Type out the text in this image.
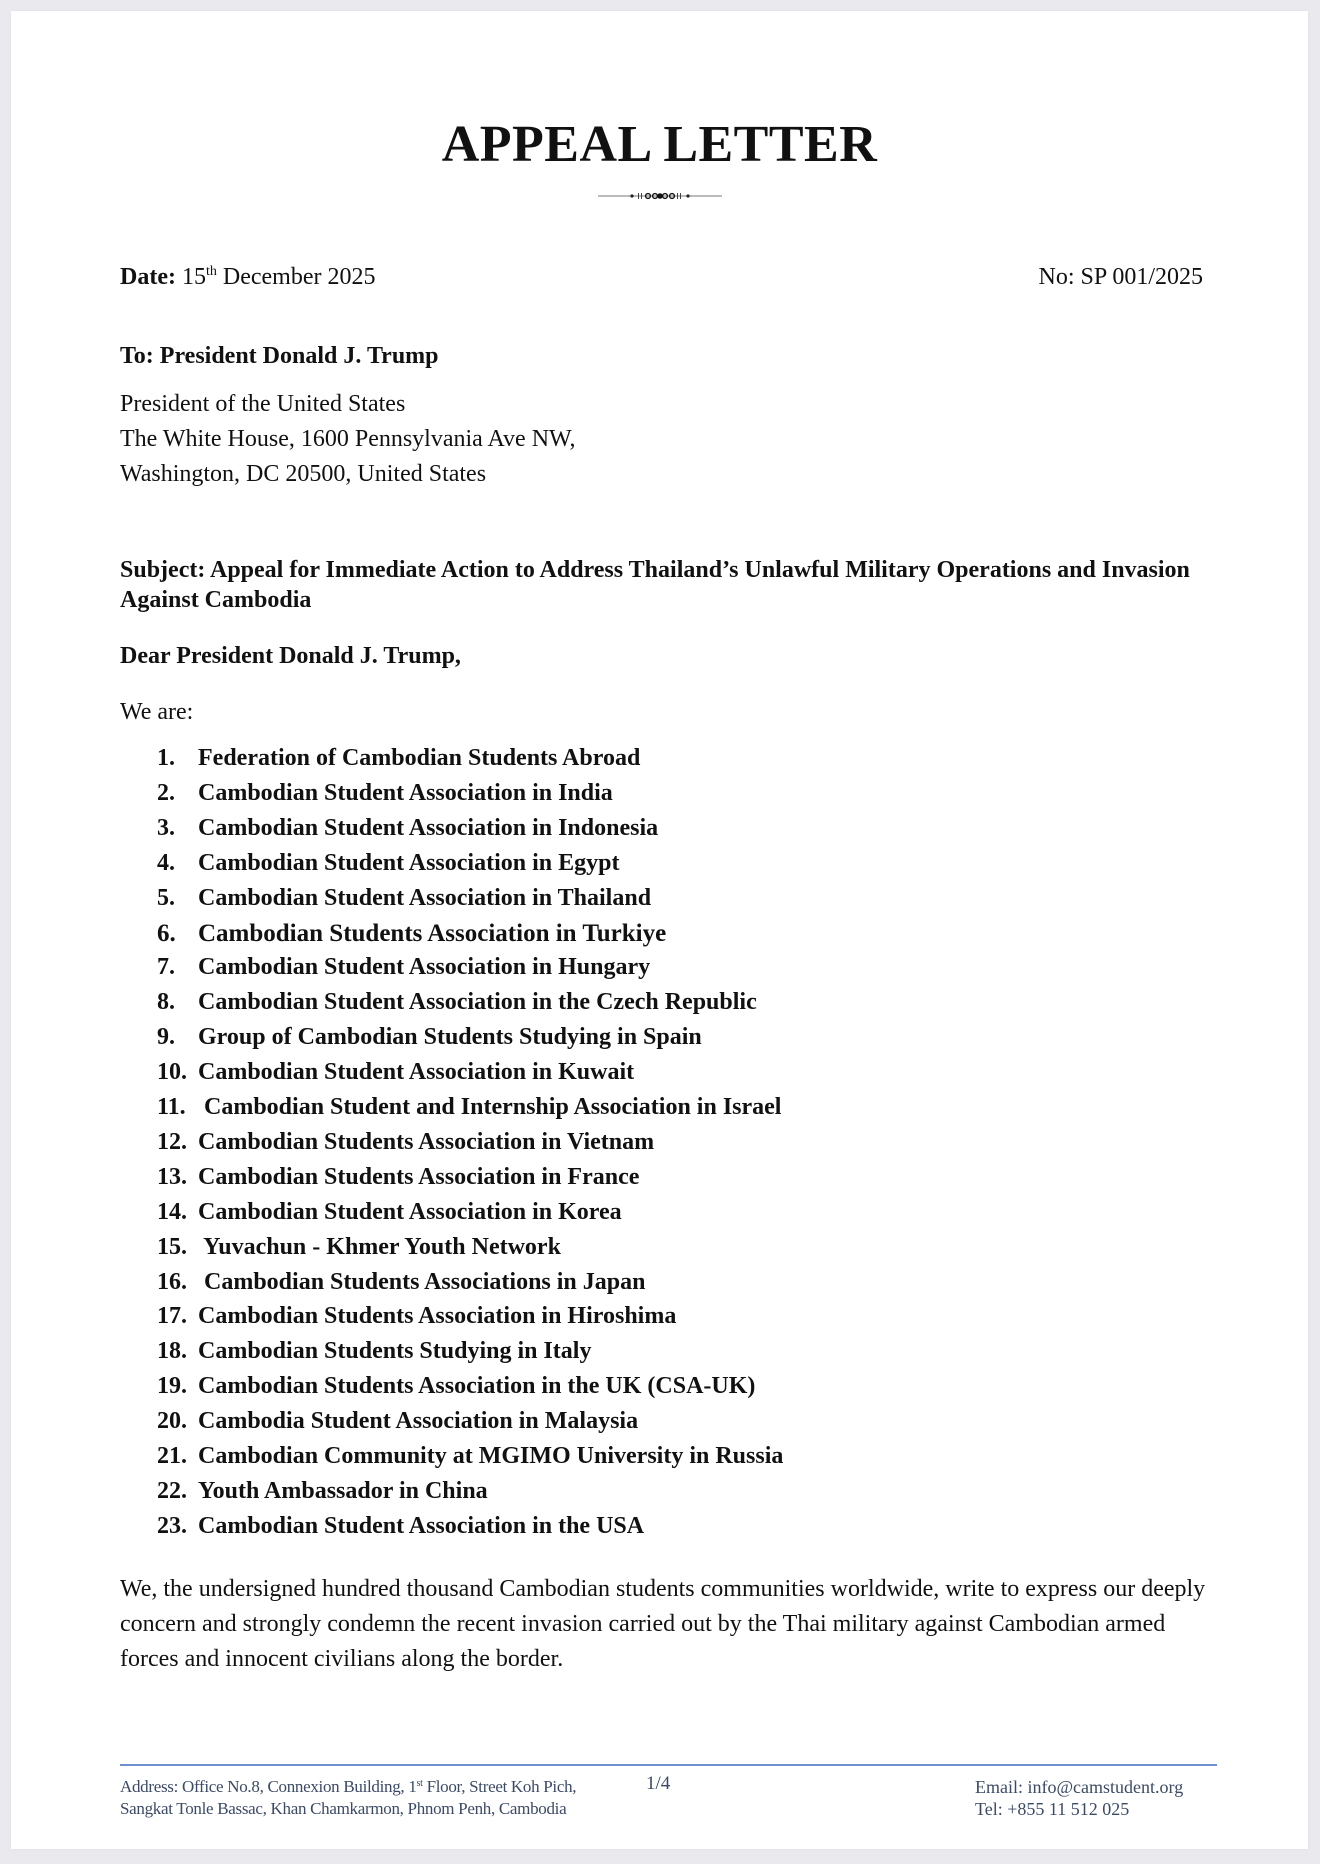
APPEAL LETTER
Date: 15th December 2025	No: SP 001/2025
To: President Donald J. Trump
President of the United States
The White House, 1600 Pennsylvania Ave NW,
Washington, DC 20500, United States
Subject: Appeal for Immediate Action to Address Thailand’s Unlawful Military Operations and Invasion Against Cambodia
Dear President Donald J. Trump,
We are:
1. Federation of Cambodian Students Abroad
2. Cambodian Student Association in India
3. Cambodian Student Association in Indonesia
4. Cambodian Student Association in Egypt
5. Cambodian Student Association in Thailand
6. Cambodian Students Association in Turkiye
7. Cambodian Student Association in Hungary
8. Cambodian Student Association in the Czech Republic
9. Group of Cambodian Students Studying in Spain
10. Cambodian Student Association in Kuwait
11. Cambodian Student and Internship Association in Israel
12. Cambodian Students Association in Vietnam
13. Cambodian Students Association in France
14. Cambodian Student Association in Korea
15. Yuvachun - Khmer Youth Network
16. Cambodian Students Associations in Japan
17. Cambodian Students Association in Hiroshima
18. Cambodian Students Studying in Italy
19. Cambodian Students Association in the UK (CSA-UK)
20. Cambodia Student Association in Malaysia
21. Cambodian Community at MGIMO University in Russia
22. Youth Ambassador in China
23. Cambodian Student Association in the USA
We, the undersigned hundred thousand Cambodian students communities worldwide, write to express our deeply concern and strongly condemn the recent invasion carried out by the Thai military against Cambodian armed forces and innocent civilians along the border.
Address: Office No.8, Connexion Building, 1st Floor, Street Koh Pich,
Sangkat Tonle Bassac, Khan Chamkarmon, Phnom Penh, Cambodia
1/4	Email: info@camstudent.org
Tel: +855 11 512 025
